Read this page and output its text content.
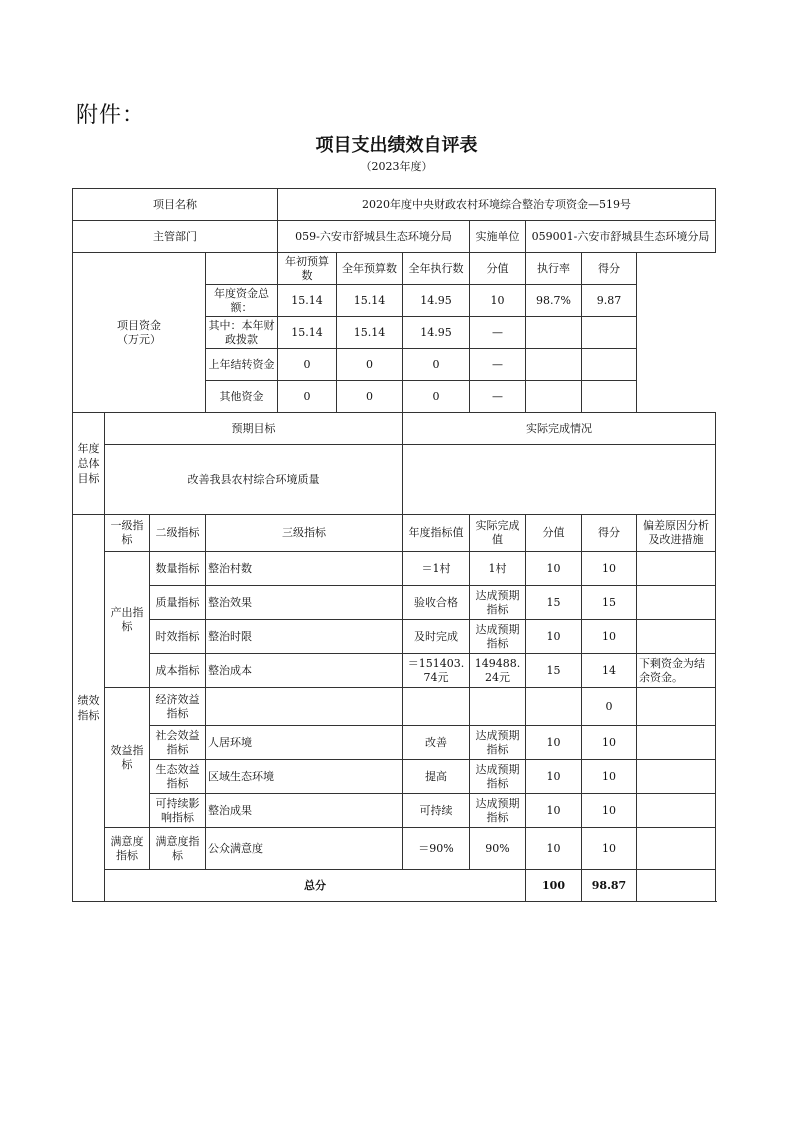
附件：
项目支出绩效自评表
（2023年度）
项目名称				2020年度中央财政农村环境综合整治专项资金—519号						
主管部门				059-六安市舒城县生态环境分局			实施单位	059001-六安市舒城县生态环境分局		
项目资金
（万元）				年初预算数	全年预算数	全年执行数	分值	执行率	得分	
			年度资金总额：	15.14	15.14	14.95	10	98.7%	9.87	
			其中：本年财政拨款	15.14	15.14	14.95	—			
			上年结转资金	0	0	0	—			
			其他资金	0	0	0	—			
年度总体目标	预期目标					实际完成情况				
	改善我县农村综合环境质量									
绩效指标	一级指标	二级指标	三级指标			年度指标值	实际完成值	分值	得分	偏差原因分析及改进措施
	产出指标	数量指标	整治村数			＝1村	1村	10	10	
		质量指标	整治效果			验收合格	达成预期指标	15	15	
		时效指标	整治时限			及时完成	达成预期指标	10	10	
		成本指标	整治成本			＝151403.74元	149488.24元	15	14	下剩资金为结余资金。
	效益指标	经济效益指标							0	
		社会效益指标	人居环境			改善	达成预期指标	10	10	
		生态效益指标	区域生态环境			提高	达成预期指标	10	10	
		可持续影响指标	整治成果			可持续	达成预期指标	10	10	
	满意度指标	满意度指标	公众满意度			＝90%	90%	10	10	
	总分							100	98.87	
